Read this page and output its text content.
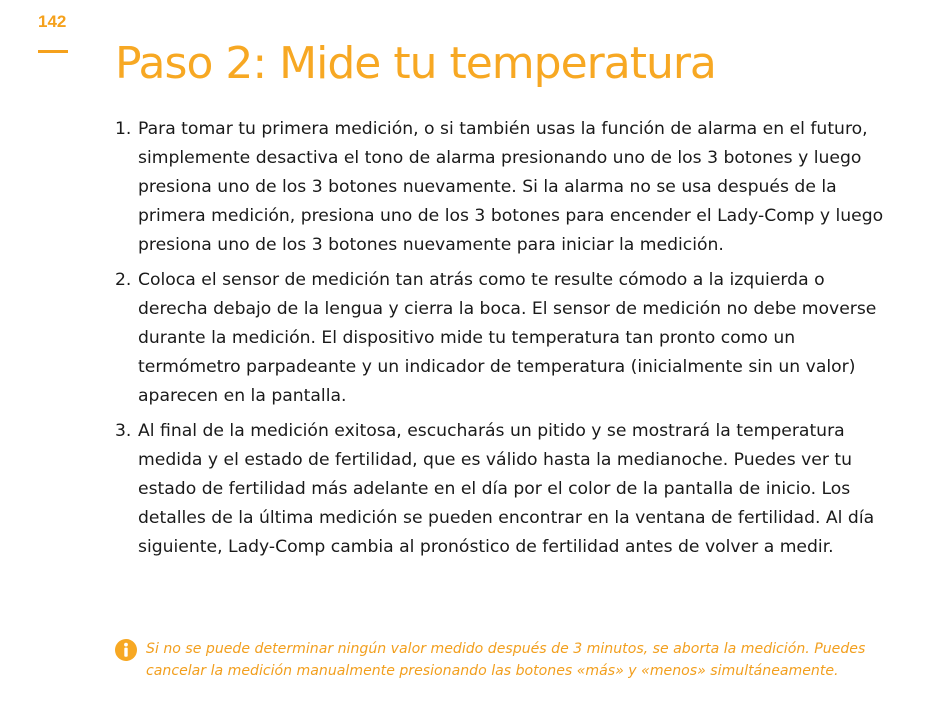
142
Paso 2: Mide tu temperatura
1. Para tomar tu primera medición, o si también usas la función de alarma en el futuro, simplemente desactiva el tono de alarma presionando uno de los 3 botones y luego presiona uno de los 3 botones nuevamente. Si la alarma no se usa después de la primera medición, presiona uno de los 3 botones para encender el Lady-Comp y luego presiona uno de los 3 botones nuevamente para iniciar la medición.
2. Coloca el sensor de medición tan atrás como te resulte cómodo a la izquierda o derecha debajo de la lengua y cierra la boca. El sensor de medición no debe moverse durante la medición. El dispositivo mide tu temperatura tan pronto como un termómetro parpadeante y un indicador de temperatura (inicialmente sin un valor) aparecen en la pantalla.
3. Al final de la medición exitosa, escucharás un pitido y se mostrará la temperatura medida y el estado de fertilidad, que es válido hasta la medianoche. Puedes ver tu estado de fertilidad más adelante en el día por el color de la pantalla de inicio. Los detalles de la última medición se pueden encontrar en la ventana de fertilidad. Al día siguiente, Lady-Comp cambia al pronóstico de fertilidad antes de volver a medir.

Si no se puede determinar ningún valor medido después de 3 minutos, se aborta la medición. Puedes cancelar la medición manualmente presionando las botones «más» y «menos» simultáneamente.
